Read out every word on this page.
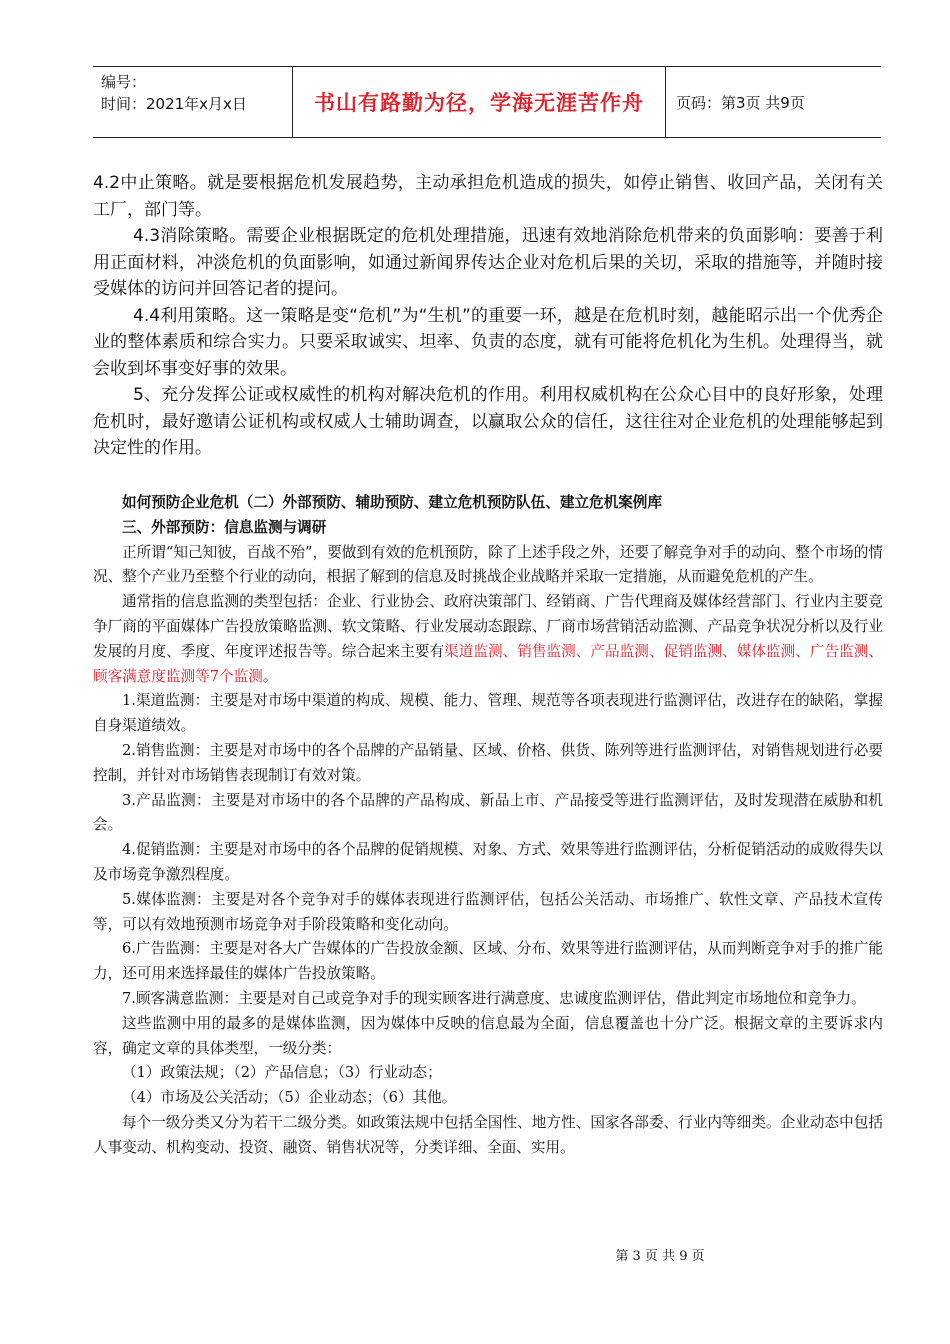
编号：
时间：2021年x月x日	书山有路勤为径，学海无涯苦作舟 页码：第3页 共9页

4.2中止策略。就是要根据危机发展趋势，主动承担危机造成的损失，如停止销售、收回产品，关闭有关工厂，部门等。

4.3消除策略。需要企业根据既定的危机处理措施，迅速有效地消除危机带来的负面影响：要善于利用正面材料，冲淡危机的负面影响，如通过新闻界传达企业对危机后果的关切，采取的措施等，并随时接受媒体的访问并回答记者的提问。

4.4利用策略。这一策略是变“危机”为“生机”的重要一环，越是在危机时刻，越能昭示出一个优秀企业的整体素质和综合实力。只要采取诚实、坦率、负责的态度，就有可能将危机化为生机。处理得当，就会收到坏事变好事的效果。

5、充分发挥公证或权威性的机构对解决危机的作用。利用权威机构在公众心目中的良好形象，处理危机时，最好邀请公证机构或权威人士辅助调查，以赢取公众的信任，这往往对企业危机的处理能够起到决定性的作用。

如何预防企业危机（二）外部预防、辅助预防、建立危机预防队伍、建立危机案例库

三、外部预防：信息监测与调研

正所谓“知己知彼，百战不殆”，要做到有效的危机预防，除了上述手段之外，还要了解竞争对手的动向、整个市场的情况、整个产业乃至整个行业的动向，根据了解到的信息及时挑战企业战略并采取一定措施，从而避免危机的产生。

通常指的信息监测的类型包括：企业、行业协会、政府决策部门、经销商、广告代理商及媒体经营部门、行业内主要竞争厂商的平面媒体广告投放策略监测、软文策略、行业发展动态跟踪、厂商市场营销活动监测、产品竞争状况分析以及行业发展的月度、季度、年度评述报告等。综合起来主要有渠道监测、销售监测、产品监测、促销监测、媒体监测、广告监测、顾客满意度监测等7个监测。

1.渠道监测：主要是对市场中渠道的构成、规模、能力、管理、规范等各项表现进行监测评估，改进存在的缺陷，掌握自身渠道绩效。

2.销售监测：主要是对市场中的各个品牌的产品销量、区域、价格、供货、陈列等进行监测评估，对销售规划进行必要控制，并针对市场销售表现制订有效对策。

3.产品监测：主要是对市场中的各个品牌的产品构成、新品上市、产品接受等进行监测评估，及时发现潜在威胁和机会。

4.促销监测：主要是对市场中的各个品牌的促销规模、对象、方式、效果等进行监测评估，分析促销活动的成败得失以及市场竞争激烈程度。

5.媒体监测：主要是对各个竞争对手的媒体表现进行监测评估，包括公关活动、市场推广、软性文章、产品技术宣传等，可以有效地预测市场竞争对手阶段策略和变化动向。

6.广告监测：主要是对各大广告媒体的广告投放金额、区域、分布、效果等进行监测评估，从而判断竞争对手的推广能力，还可用来选择最佳的媒体广告投放策略。

7.顾客满意监测：主要是对自己或竞争对手的现实顾客进行满意度、忠诚度监测评估，借此判定市场地位和竞争力。

这些监测中用的最多的是媒体监测，因为媒体中反映的信息最为全面，信息覆盖也十分广泛。根据文章的主要诉求内容，确定文章的具体类型，一级分类：

（1）政策法规；（2）产品信息；（3）行业动态；

（4）市场及公关活动；（5）企业动态；（6）其他。

每个一级分类又分为若干二级分类。如政策法规中包括全国性、地方性、国家各部委、行业内等细类。企业动态中包括人事变动、机构变动、投资、融资、销售状况等，分类详细、全面、实用。

第 3 页 共 9 页
